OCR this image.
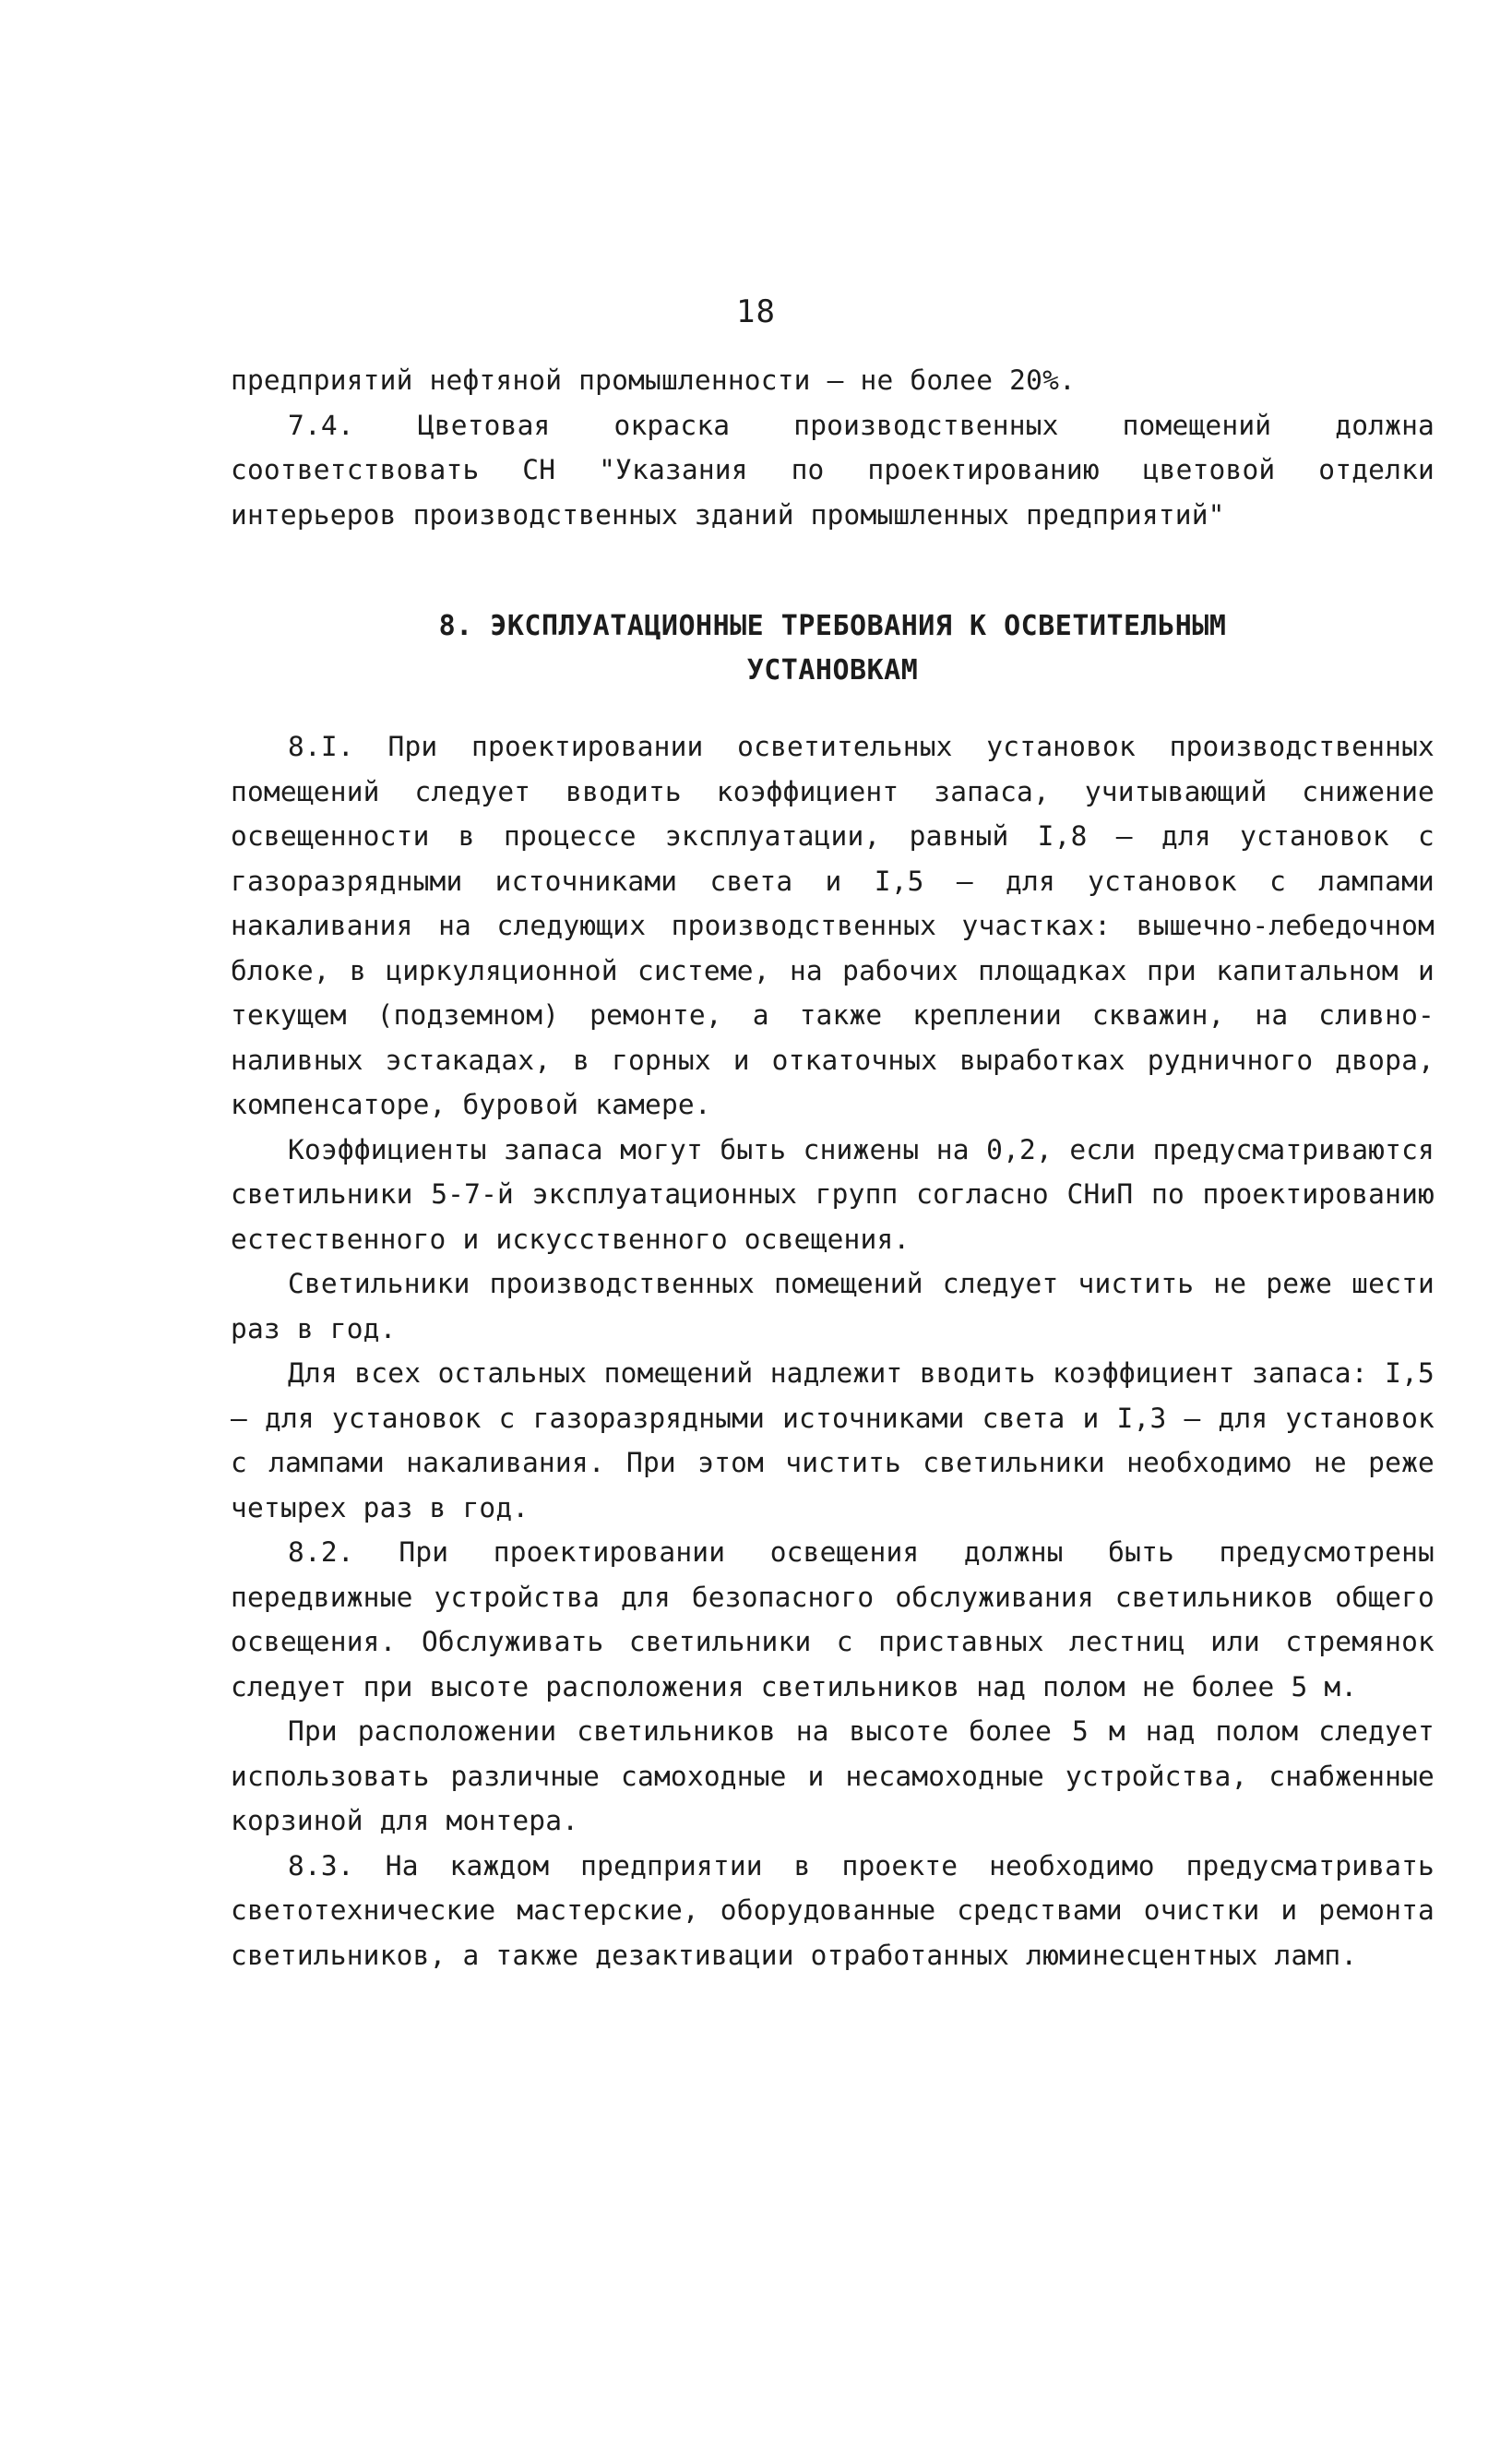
18

предприятий нефтяной промышленности – не более 20%.

7.4. Цветовая окраска производственных помещений должна соответствовать СН "Указания по проектированию цветовой отделки интерьеров производственных зданий промышленных предприятий"

8. ЭКСПЛУАТАЦИОННЫЕ ТРЕБОВАНИЯ К ОСВЕТИТЕЛЬНЫМ
УСТАНОВКАМ

8.I. При проектировании осветительных установок производственных помещений следует вводить коэффициент запаса, учитывающий снижение освещенности в процессе эксплуатации, равный I,8 – для установок с газоразрядными источниками света и I,5 – для установок с лампами накаливания на следующих производственных участках: вышечно-лебедочном блоке, в циркуляционной системе, на рабочих площадках при капитальном и текущем (подземном) ремонте, а также креплении скважин, на сливно-наливных эстакадах, в горных и откаточных выработках рудничного двора, компенсаторе, буровой камере.

Коэффициенты запаса могут быть снижены на 0,2, если предусматриваются светильники 5-7-й эксплуатационных групп согласно СНиП по проектированию естественного и искусственного освещения.

Светильники производственных помещений следует чистить не реже шести раз в год.

Для всех остальных помещений надлежит вводить коэффициент запаса: I,5 – для установок с газоразрядными источниками света и I,3 – для установок с лампами накаливания. При этом чистить светильники необходимо не реже четырех раз в год.

8.2. При проектировании освещения должны быть предусмотрены передвижные устройства для безопасного обслуживания светильников общего освещения. Обслуживать светильники с приставных лестниц или стремянок следует при высоте расположения светильников над полом не более 5 м.

При расположении светильников на высоте более 5 м над полом следует использовать различные самоходные и несамоходные устройства, снабженные корзиной для монтера.

8.3. На каждом предприятии в проекте необходимо предусматривать светотехнические мастерские, оборудованные средствами очистки и ремонта светильников, а также дезактивации отработанных люминесцентных ламп.
